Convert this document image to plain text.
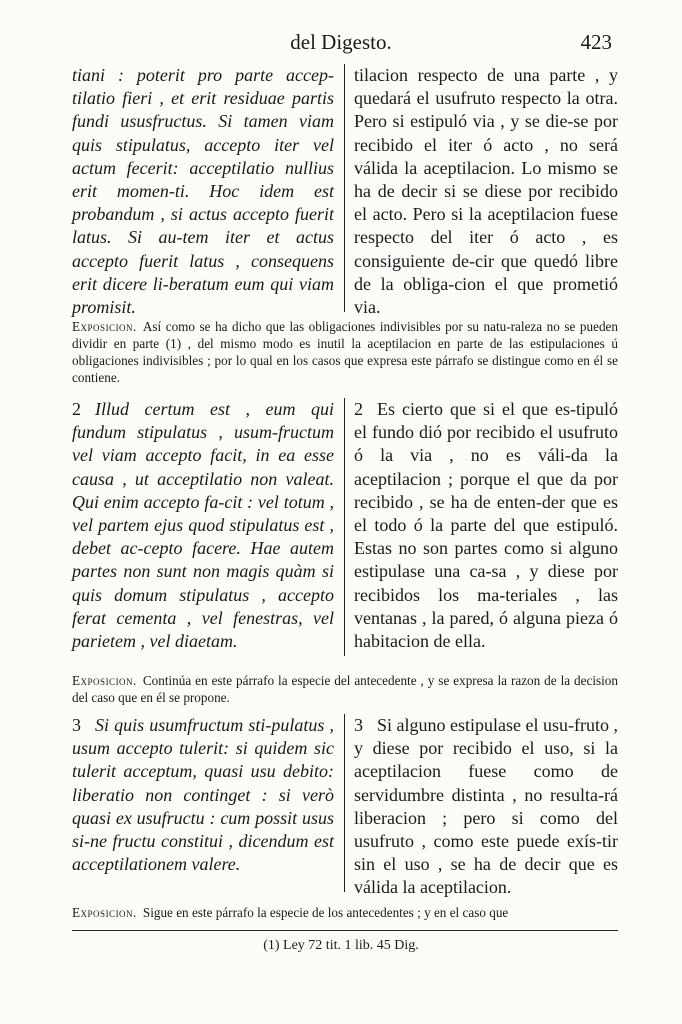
del Digesto.	423
tiani : poterit pro parte accep-tilatio fieri , et erit residuae partis fundi ususfructus. Si tamen viam quis stipulatus, accepto iter vel actum fecerit: acceptilatio nullius erit momen-ti. Hoc idem est probandum , si actus accepto fuerit latus. Si au-tem iter et actus accepto fuerit latus , consequens erit dicere li-beratum eum qui viam promisit.
tilacion respecto de una parte , y quedará el usufruto respecto la otra. Pero si estipuló via , y se die-se por recibido el iter ó acto , no será válida la aceptilacion. Lo mismo se ha de decir si se diese por recibido el acto. Pero si la aceptilacion fuese respecto del iter ó acto , es consiguiente de-cir que quedó libre de la obliga-cion el que prometió via.
Exposicion. Así como se ha dicho que las obligaciones indivisibles por su natu-raleza no se pueden dividir en parte (1) , del mismo modo es inutil la aceptilacion en parte de las estipulaciones ú obligaciones indivisibles ; por lo qual en los casos que expresa este párrafo se distingue como en él se contiene.
2 Illud certum est , eum qui fundum stipulatus , usum-fructum vel viam accepto facit, in ea esse causa , ut acceptilatio non valeat. Qui enim accepto fa-cit : vel totum , vel partem ejus quod stipulatus est , debet ac-cepto facere. Hae autem partes non sunt non magis quàm si quis domum stipulatus , accepto ferat cementa , vel fenestras, vel parietem , vel diaetam.
2 Es cierto que si el que es-tipuló el fundo dió por recibido el usufruto ó la via , no es váli-da la aceptilacion ; porque el que da por recibido , se ha de enten-der que es el todo ó la parte del que estipuló. Estas no son partes como si alguno estipulase una ca-sa , y diese por recibidos los ma-teriales , las ventanas , la pared, ó alguna pieza ó habitacion de ella.
Exposicion. Continúa en este párrafo la especie del antecedente , y se expresa la razon de la decision del caso que en él se propone.
3 Si quis usumfructum sti-pulatus , usum accepto tulerit: si quidem sic tulerit acceptum, quasi usu debito: liberatio non continget : si verò quasi ex usufructu : cum possit usus si-ne fructu constitui , dicendum est acceptilationem valere.
3 Si alguno estipulase el usu-fruto , y diese por recibido el uso, si la aceptilacion fuese como de servidumbre distinta , no resulta-rá liberacion ; pero si como del usufruto , como este puede exís-tir sin el uso , se ha de decir que es válida la aceptilacion.
Exposicion. Sigue en este párrafo la especie de los antecedentes ; y en el caso que
(1) Ley 72 tit. 1 lib. 45 Dig.
